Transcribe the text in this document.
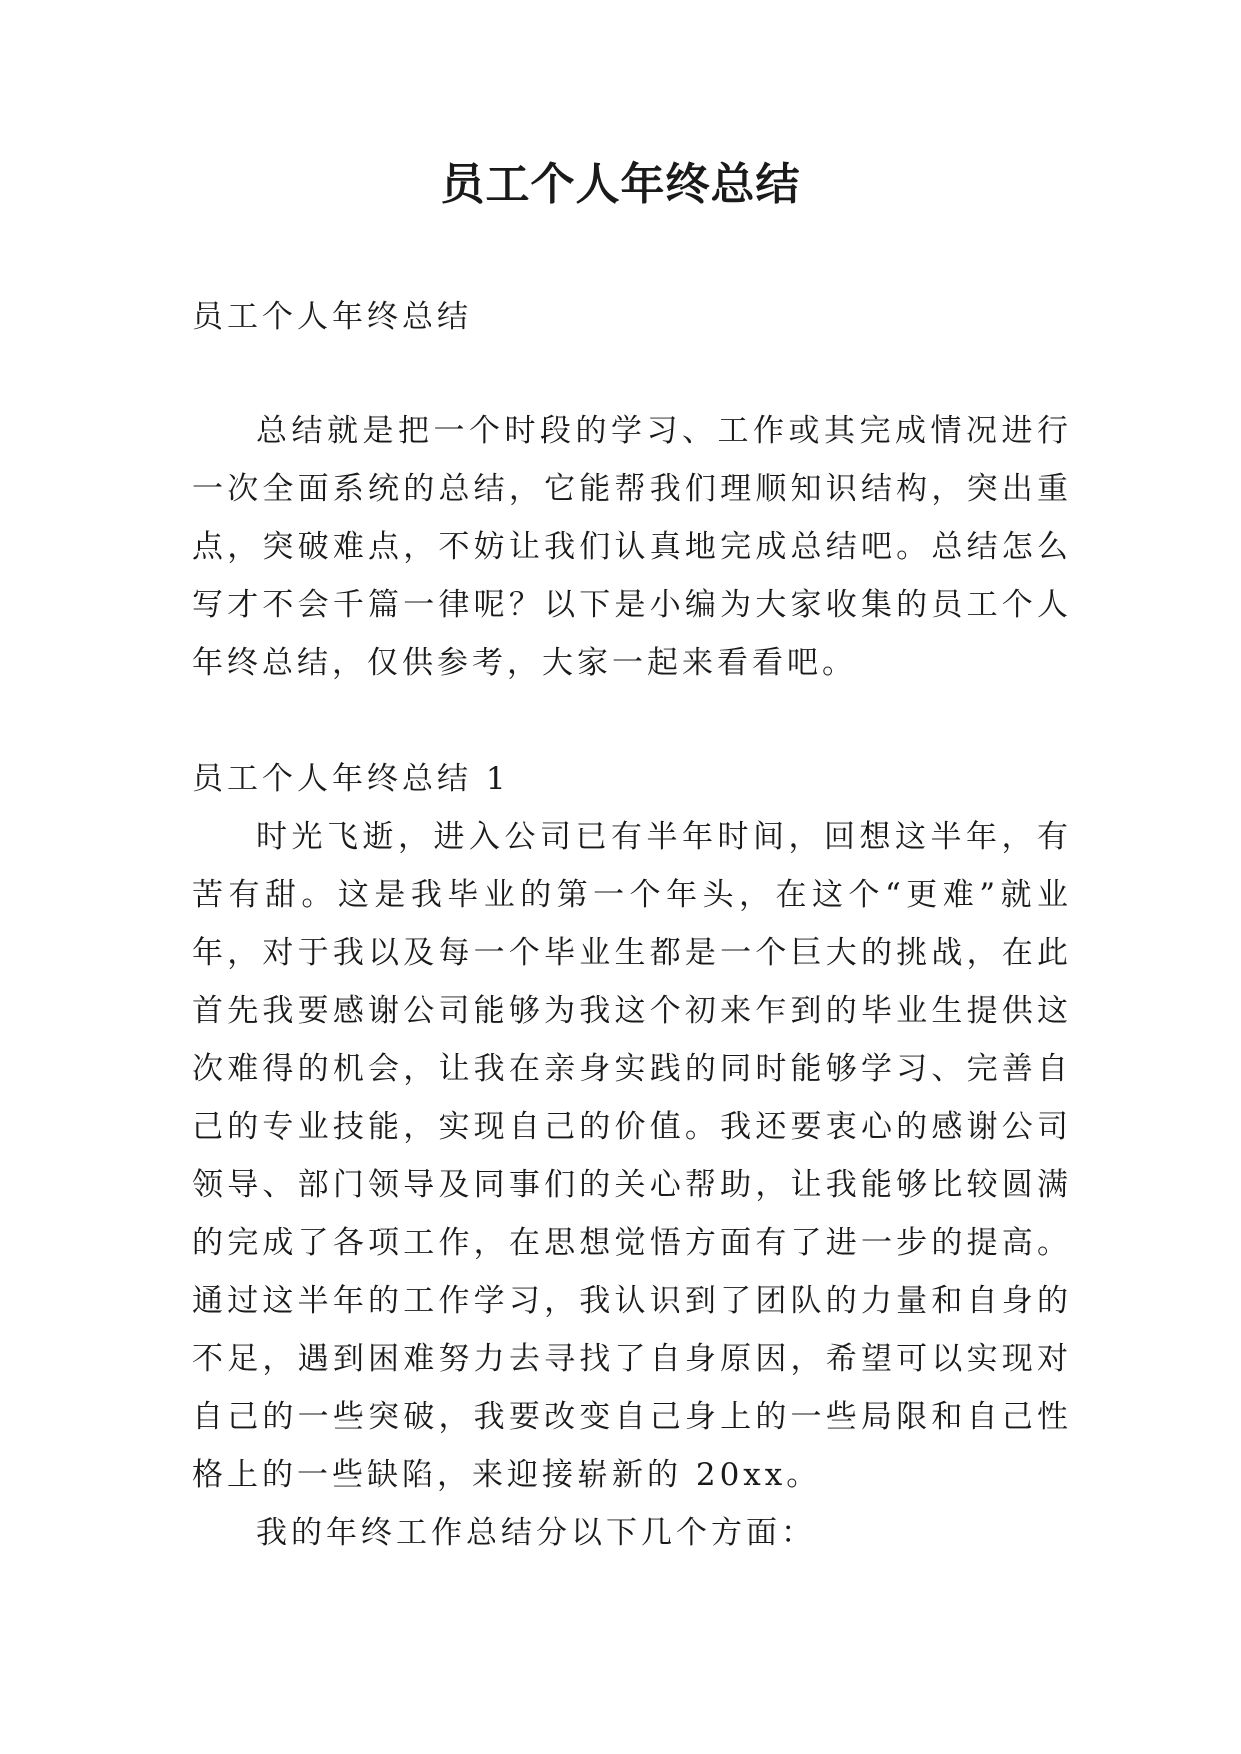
员工个人年终总结

员工个人年终总结

总结就是把一个时段的学习、工作或其完成情况进行一次全面系统的总结，它能帮我们理顺知识结构，突出重点，突破难点，不妨让我们认真地完成总结吧。总结怎么写才不会千篇一律呢？以下是小编为大家收集的员工个人年终总结，仅供参考，大家一起来看看吧。

员工个人年终总结 1

时光飞逝，进入公司已有半年时间，回想这半年，有苦有甜。这是我毕业的第一个年头，在这个“更难”就业年，对于我以及每一个毕业生都是一个巨大的挑战，在此首先我要感谢公司能够为我这个初来乍到的毕业生提供这次难得的机会，让我在亲身实践的同时能够学习、完善自己的专业技能，实现自己的价值。我还要衷心的感谢公司领导、部门领导及同事们的关心帮助，让我能够比较圆满的完成了各项工作，在思想觉悟方面有了进一步的提高。通过这半年的工作学习，我认识到了团队的力量和自身的不足，遇到困难努力去寻找了自身原因，希望可以实现对自己的一些突破，我要改变自己身上的一些局限和自己性格上的一些缺陷，来迎接崭新的 20xx。

我的年终工作总结分以下几个方面：
